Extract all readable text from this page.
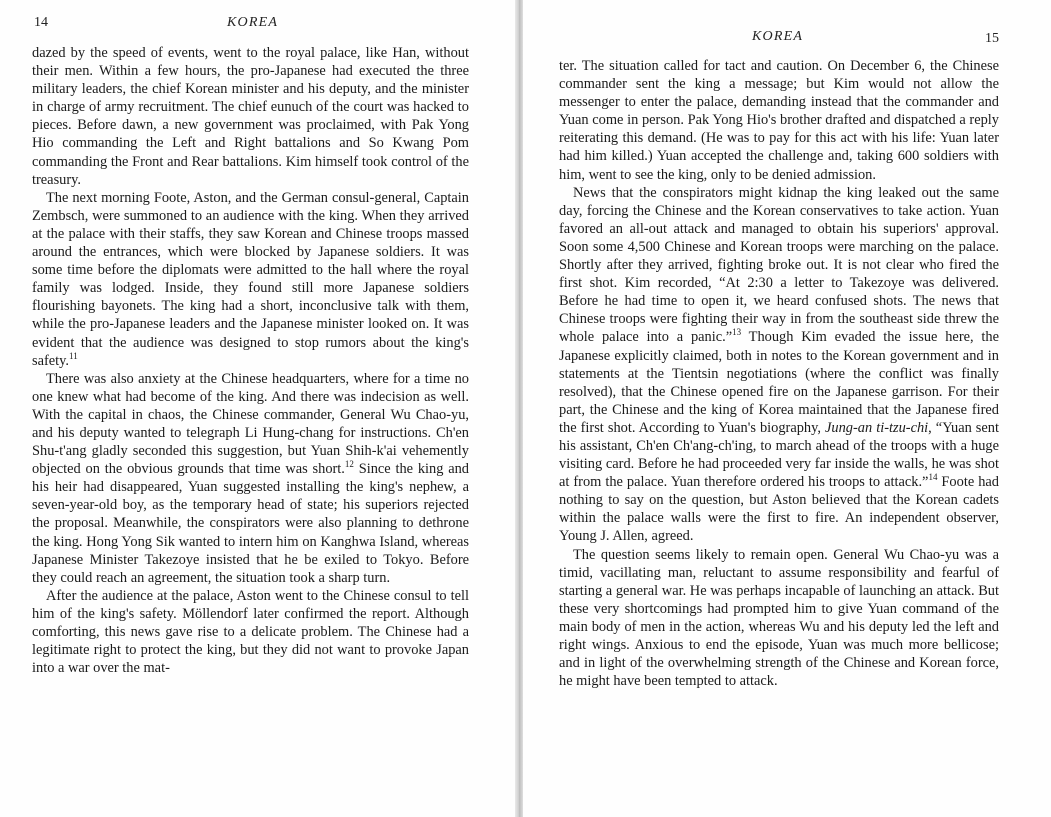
14	KOREA

dazed by the speed of events, went to the royal palace, like Han, without their men. Within a few hours, the pro-Japanese had executed the three military leaders, the chief Korean minister and his deputy, and the minister in charge of army recruitment. The chief eunuch of the court was hacked to pieces. Before dawn, a new government was proclaimed, with Pak Yong Hio commanding the Left and Right battalions and So Kwang Pom commanding the Front and Rear battalions. Kim himself took control of the treasury.

The next morning Foote, Aston, and the German consul-general, Captain Zembsch, were summoned to an audience with the king. When they arrived at the palace with their staffs, they saw Korean and Chinese troops massed around the entrances, which were blocked by Japanese soldiers. It was some time before the diplomats were admitted to the hall where the royal family was lodged. Inside, they found still more Japanese soldiers flourishing bayonets. The king had a short, inconclusive talk with them, while the pro-Japanese leaders and the Japanese minister looked on. It was evident that the audience was designed to stop rumors about the king's safety.$^{11}$

There was also anxiety at the Chinese headquarters, where for a time no one knew what had become of the king. And there was indecision as well. With the capital in chaos, the Chinese commander, General Wu Chao-yu, and his deputy wanted to telegraph Li Hung-chang for instructions. Ch'en Shu-t'ang gladly seconded this suggestion, but Yuan Shih-k'ai vehemently objected on the obvious grounds that time was short.$^{12}$ Since the king and his heir had disappeared, Yuan suggested installing the king's nephew, a seven-year-old boy, as the temporary head of state; his superiors rejected the proposal. Meanwhile, the conspirators were also planning to dethrone the king. Hong Yong Sik wanted to intern him on Kanghwa Island, whereas Japanese Minister Takezoye insisted that he be exiled to Tokyo. Before they could reach an agreement, the situation took a sharp turn.

After the audience at the palace, Aston went to the Chinese consul to tell him of the king's safety. Möllendorf later confirmed the report. Although comforting, this news gave rise to a delicate problem. The Chinese had a legitimate right to protect the king, but they did not want to provoke Japan into a war over the mat-

KOREA	15

ter. The situation called for tact and caution. On December 6, the Chinese commander sent the king a message; but Kim would not allow the messenger to enter the palace, demanding instead that the commander and Yuan come in person. Pak Yong Hio's brother drafted and dispatched a reply reiterating this demand. (He was to pay for this act with his life: Yuan later had him killed.) Yuan accepted the challenge and, taking 600 soldiers with him, went to see the king, only to be denied admission.

News that the conspirators might kidnap the king leaked out the same day, forcing the Chinese and the Korean conservatives to take action. Yuan favored an all-out attack and managed to obtain his superiors' approval. Soon some 4,500 Chinese and Korean troops were marching on the palace. Shortly after they arrived, fighting broke out. It is not clear who fired the first shot. Kim recorded, “At 2:30 a letter to Takezoye was delivered. Before he had time to open it, we heard confused shots. The news that Chinese troops were fighting their way in from the southeast side threw the whole palace into a panic.”$^{13}$ Though Kim evaded the issue here, the Japanese explicitly claimed, both in notes to the Korean government and in statements at the Tientsin negotiations (where the conflict was finally resolved), that the Chinese opened fire on the Japanese garrison. For their part, the Chinese and the king of Korea maintained that the Japanese fired the first shot. According to Yuan's biography, Jung-an ti-tzu-chi, “Yuan sent his assistant, Ch'en Ch'ang-ch'ing, to march ahead of the troops with a huge visiting card. Before he had proceeded very far inside the walls, he was shot at from the palace. Yuan therefore ordered his troops to attack.”$^{14}$ Foote had nothing to say on the question, but Aston believed that the Korean cadets within the palace walls were the first to fire. An independent observer, Young J. Allen, agreed.

The question seems likely to remain open. General Wu Chao-yu was a timid, vacillating man, reluctant to assume responsibility and fearful of starting a general war. He was perhaps incapable of launching an attack. But these very shortcomings had prompted him to give Yuan command of the main body of men in the action, whereas Wu and his deputy led the left and right wings. Anxious to end the episode, Yuan was much more bellicose; and in light of the overwhelming strength of the Chinese and Korean force, he might have been tempted to attack.
